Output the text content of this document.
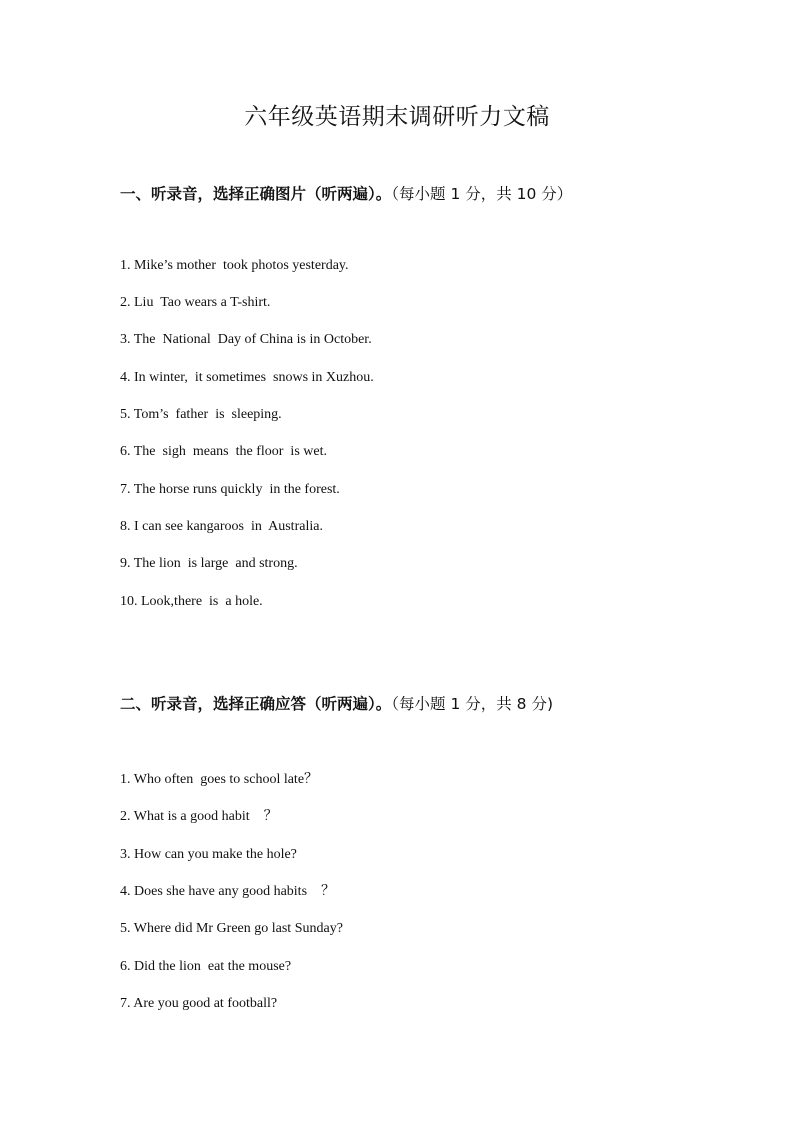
六年级英语期末调研听力文稿
一、听录音，选择正确图片（听两遍）。（每小题 1 分，共 10 分）

1. Mike’s mother  took photos yesterday.

2. Liu  Tao wears a T-shirt.

3. The  National  Day of China is in October.

4. In winter,  it sometimes  snows in Xuzhou.

5. Tom’s  father  is  sleeping.

6. The  sigh  means  the floor  is wet.

7. The horse runs quickly  in the forest.

8. I can see kangaroos  in  Australia.

9. The lion  is large  and strong.

10. Look,there  is  a hole.

二、听录音，选择正确应答（听两遍）。（每小题 1 分，共 8 分)

1. Who often  goes to school late？

2. What is a good habit    ？

3. How can you make the hole?

4. Does she have any good habits    ？

5. Where did Mr Green go last Sunday?

6. Did the lion  eat the mouse?

7. Are you good at football?
